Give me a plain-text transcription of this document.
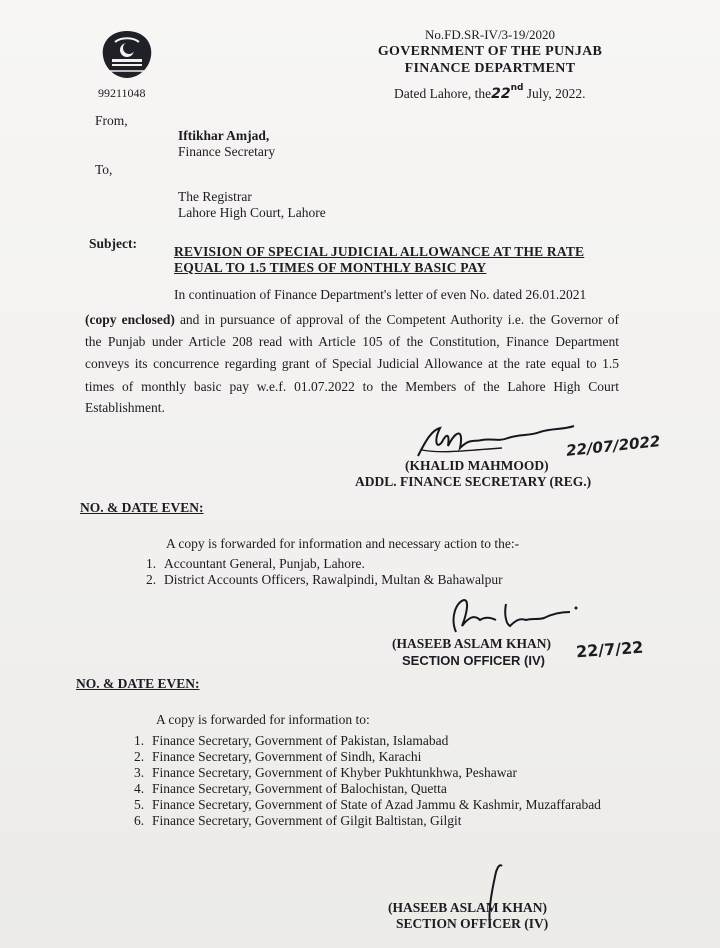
99211048
No.FD.SR-IV/3-19/2020
GOVERNMENT OF THE PUNJAB
FINANCE DEPARTMENT
Dated Lahore, the22nd July, 2022.
From,
Iftikhar Amjad,
Finance Secretary
To,
The Registrar
Lahore High Court, Lahore
Subject:
REVISION OF SPECIAL JUDICIAL ALLOWANCE AT THE RATE
EQUAL TO 1.5 TIMES OF MONTHLY BASIC PAY
In continuation of Finance Department's letter of even No. dated 26.01.2021
(copy enclosed) and in pursuance of approval of the Competent Authority i.e. the Governor of
the Punjab under Article 208 read with Article 105 of the Constitution, Finance Department
conveys its concurrence regarding grant of Special Judicial Allowance at the rate equal to 1.5
times of monthly basic pay w.e.f. 01.07.2022 to the Members of the Lahore High Court
Establishment.
22/07/2022
(KHALID MAHMOOD)
ADDL. FINANCE SECRETARY (REG.)
NO. & DATE EVEN:
A copy is forwarded for information and necessary action to the:-
1. Accountant General, Punjab, Lahore.
2. District Accounts Officers, Rawalpindi, Multan & Bahawalpur
(HASEEB ASLAM KHAN)
SECTION OFFICER (IV) 22/7/22
NO. & DATE EVEN:
A copy is forwarded for information to:
1. Finance Secretary, Government of Pakistan, Islamabad
2. Finance Secretary, Government of Sindh, Karachi
3. Finance Secretary, Government of Khyber Pukhtunkhwa, Peshawar
4. Finance Secretary, Government of Balochistan, Quetta
5. Finance Secretary, Government of State of Azad Jammu & Kashmir, Muzaffarabad
6. Finance Secretary, Government of Gilgit Baltistan, Gilgit
(HASEEB ASLAM KHAN)
SECTION OFFICER (IV)
